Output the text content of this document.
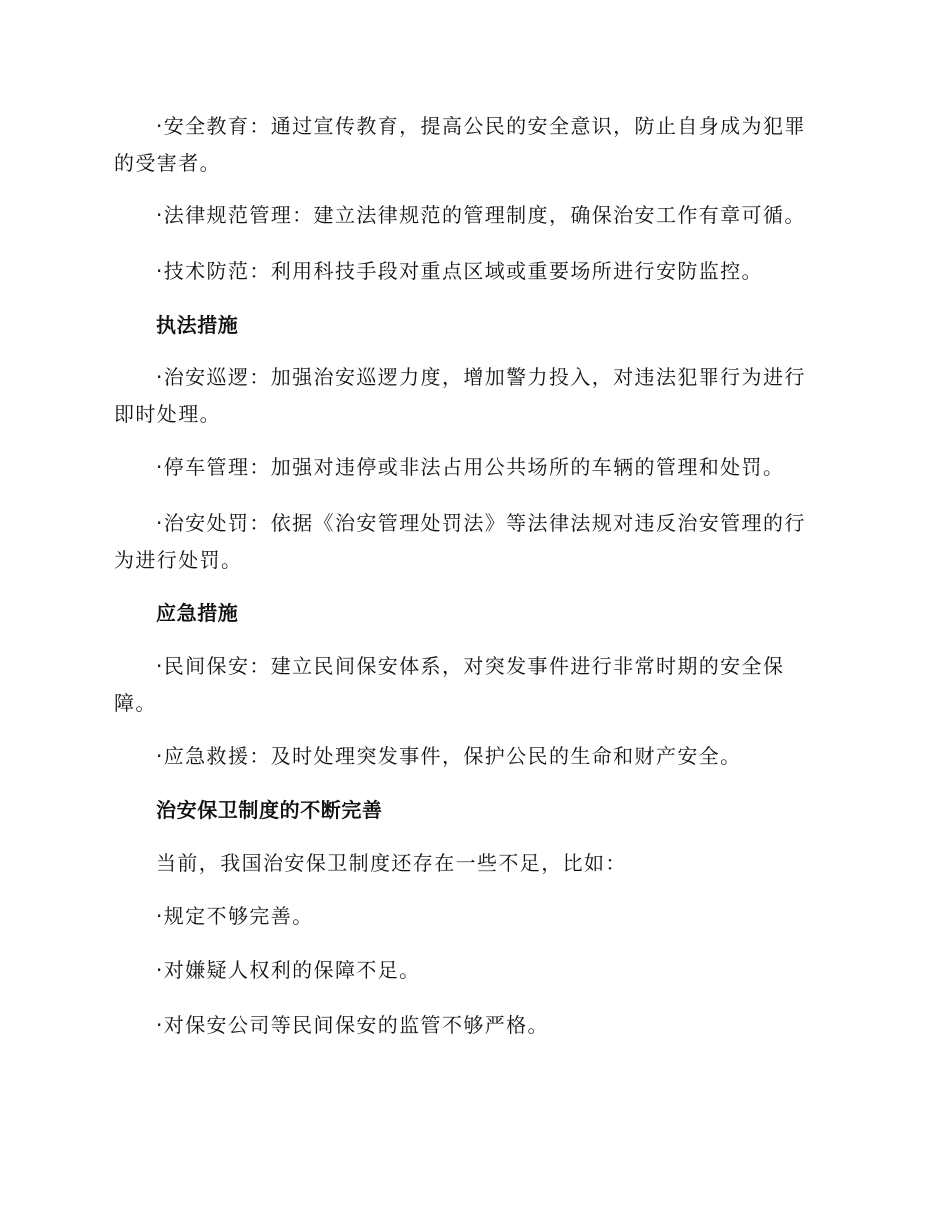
·安全教育：通过宣传教育，提高公民的安全意识，防止自身成为犯罪的受害者。

·法律规范管理：建立法律规范的管理制度，确保治安工作有章可循。

·技术防范：利用科技手段对重点区域或重要场所进行安防监控。

执法措施

·治安巡逻：加强治安巡逻力度，增加警力投入，对违法犯罪行为进行即时处理。

·停车管理：加强对违停或非法占用公共场所的车辆的管理和处罚。

·治安处罚：依据《治安管理处罚法》等法律法规对违反治安管理的行为进行处罚。

应急措施

·民间保安：建立民间保安体系，对突发事件进行非常时期的安全保障。

·应急救援：及时处理突发事件，保护公民的生命和财产安全。

治安保卫制度的不断完善

当前，我国治安保卫制度还存在一些不足，比如：

·规定不够完善。

·对嫌疑人权利的保障不足。

·对保安公司等民间保安的监管不够严格。
